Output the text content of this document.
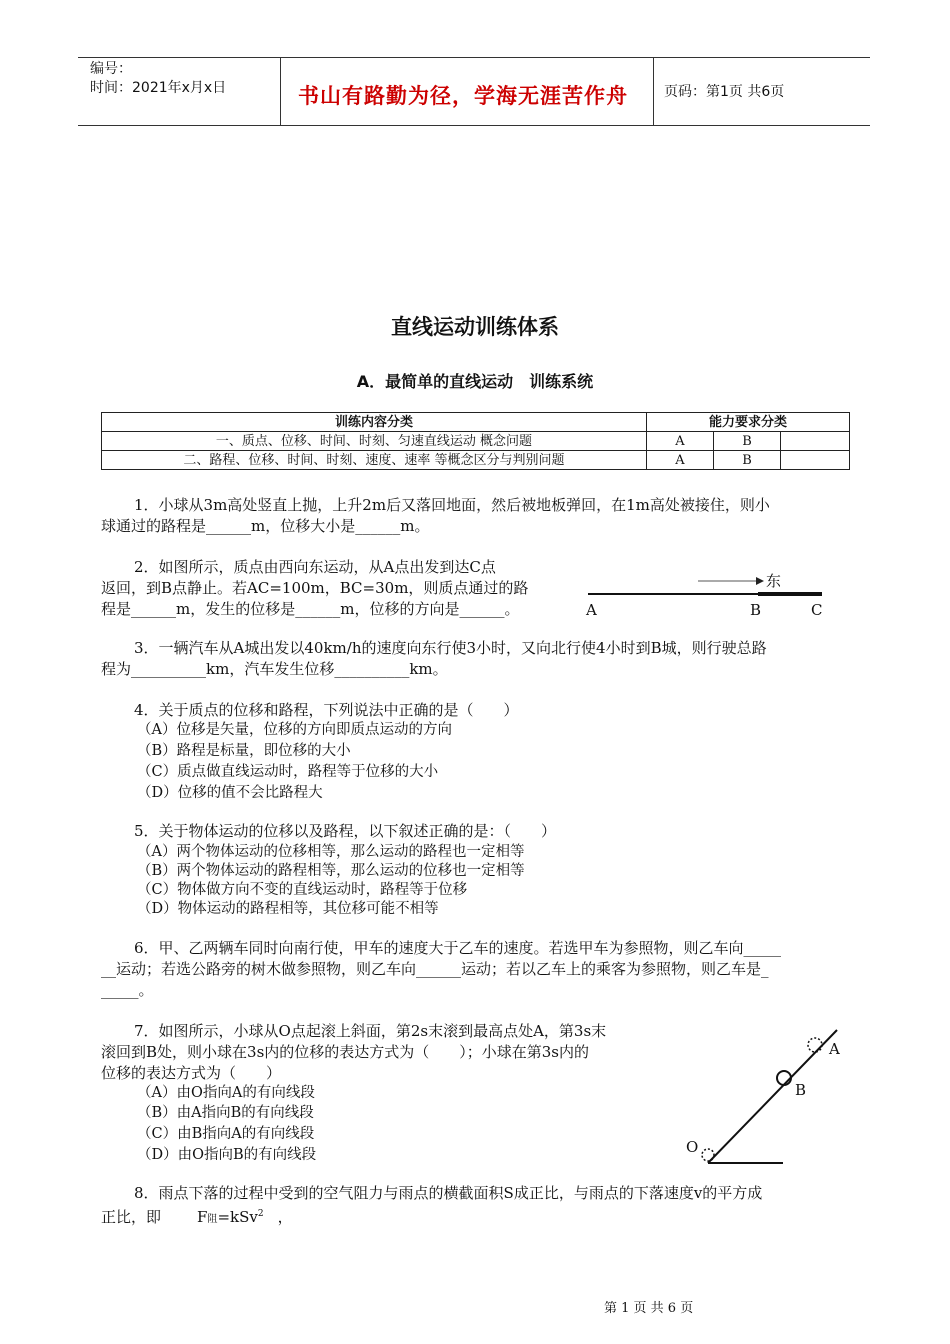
编号：
时间：2021年x月x日	书山有路勤为径，学海无涯苦作舟	页码：第1页 共6页
直线运动训练体系
A．最简单的直线运动　训练系统
训练内容分类	能力要求分类		
一、质点、位移、时间、时刻、匀速直线运动 概念问题	A	B	
二、路程、位移、时间、时刻、速度、速率 等概念区分与判别问题	A	B	
1．小球从3m高处竖直上抛，上升2m后又落回地面，然后被地板弹回，在1m高处被接住，则小
球通过的路程是______m，位移大小是______m。
2．如图所示，质点由西向东运动，从A点出发到达C点
返回，到B点静止。若AC=100m，BC=30m，则质点通过的路
程是______m，发生的位移是______m，位移的方向是______。
东
A	B	C
3．一辆汽车从A城出发以40km/h的速度向东行使3小时，又向北行使4小时到B城，则行驶总路
程为__________km，汽车发生位移__________km。
4．关于质点的位移和路程，下列说法中正确的是（　　）
（A）位移是矢量，位移的方向即质点运动的方向
（B）路程是标量，即位移的大小
（C）质点做直线运动时，路程等于位移的大小
（D）位移的值不会比路程大
5．关于物体运动的位移以及路程，以下叙述正确的是：（　　）
（A）两个物体运动的位移相等，那么运动的路程也一定相等
（B）两个物体运动的路程相等，那么运动的位移也一定相等
（C）物体做方向不变的直线运动时，路程等于位移
（D）物体运动的路程相等，其位移可能不相等
6．甲、乙两辆车同时向南行使，甲车的速度大于乙车的速度。若选甲车为参照物，则乙车向_____
__运动；若选公路旁的树木做参照物，则乙车向______运动；若以乙车上的乘客为参照物，则乙车是_
_____。
7．如图所示，小球从O点起滚上斜面，第2s末滚到最高点处A，第3s末
滚回到B处，则小球在3s内的位移的表达方式为（　　）；小球在第3s内的
位移的表达方式为（　　）
（A）由O指向A的有向线段
（B）由A指向B的有向线段
（C）由B指向A的有向线段
（D）由O指向B的有向线段
A
B
O
8．雨点下落的过程中受到的空气阻力与雨点的横截面积S成正比，与雨点的下落速度v的平方成
正比，即 F阻=kSv$^2$ ，
第 1 页 共 6 页
